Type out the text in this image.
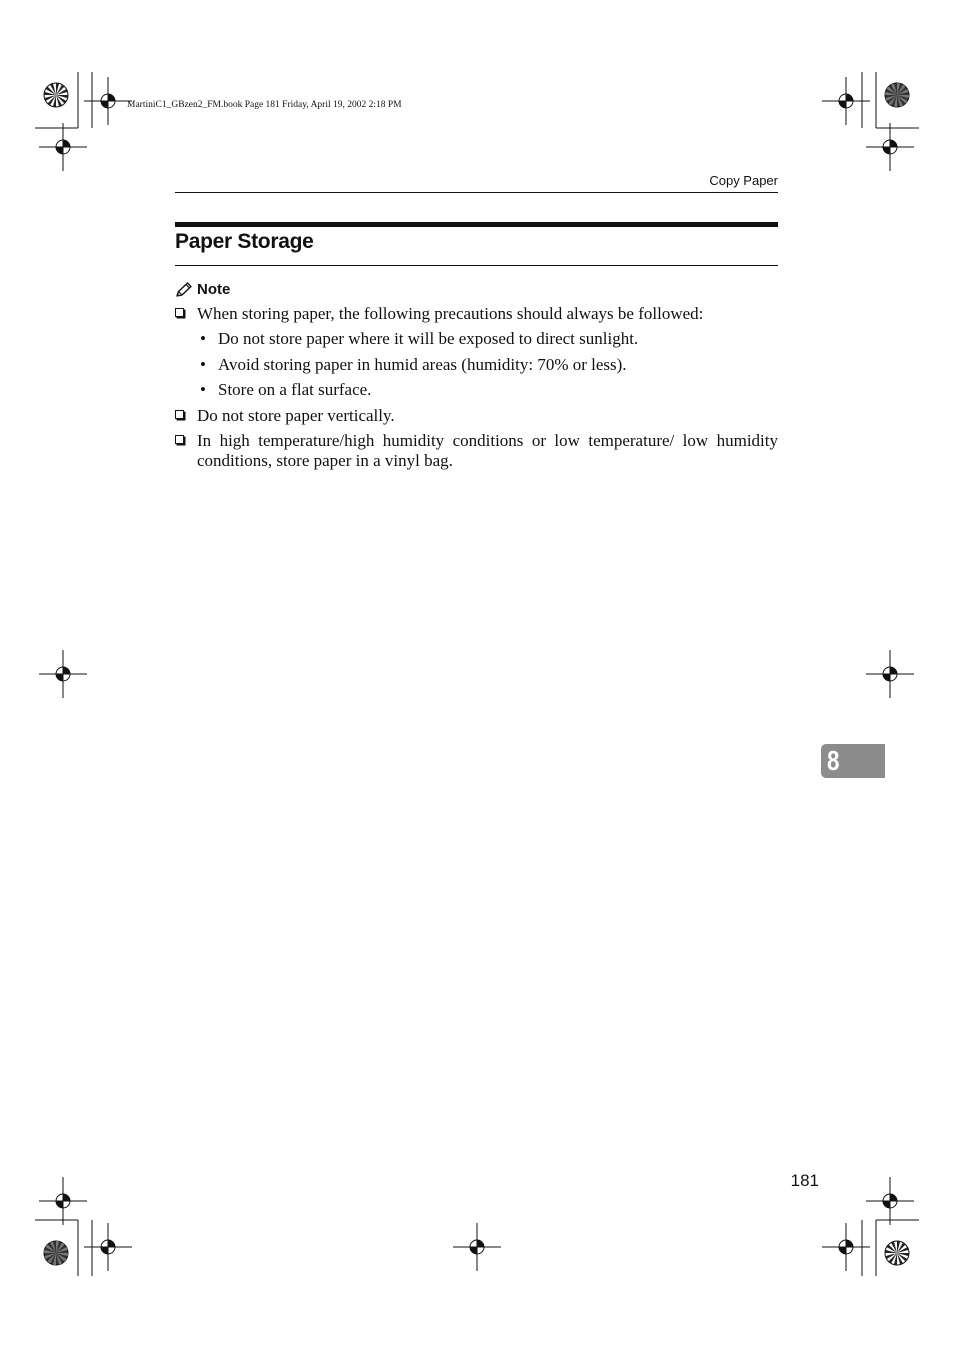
MartiniC1_GBzen2_FM.book Page 181 Friday, April 19, 2002 2:18 PM
Copy Paper
Paper Storage
Note
When storing paper, the following precautions should always be followed:
• Do not store paper where it will be exposed to direct sunlight.
• Avoid storing paper in humid areas (humidity: 70% or less).
• Store on a flat surface.
Do not store paper vertically.
In high temperature/high humidity conditions or low temperature/ low humidity conditions, store paper in a vinyl bag.
8
181
